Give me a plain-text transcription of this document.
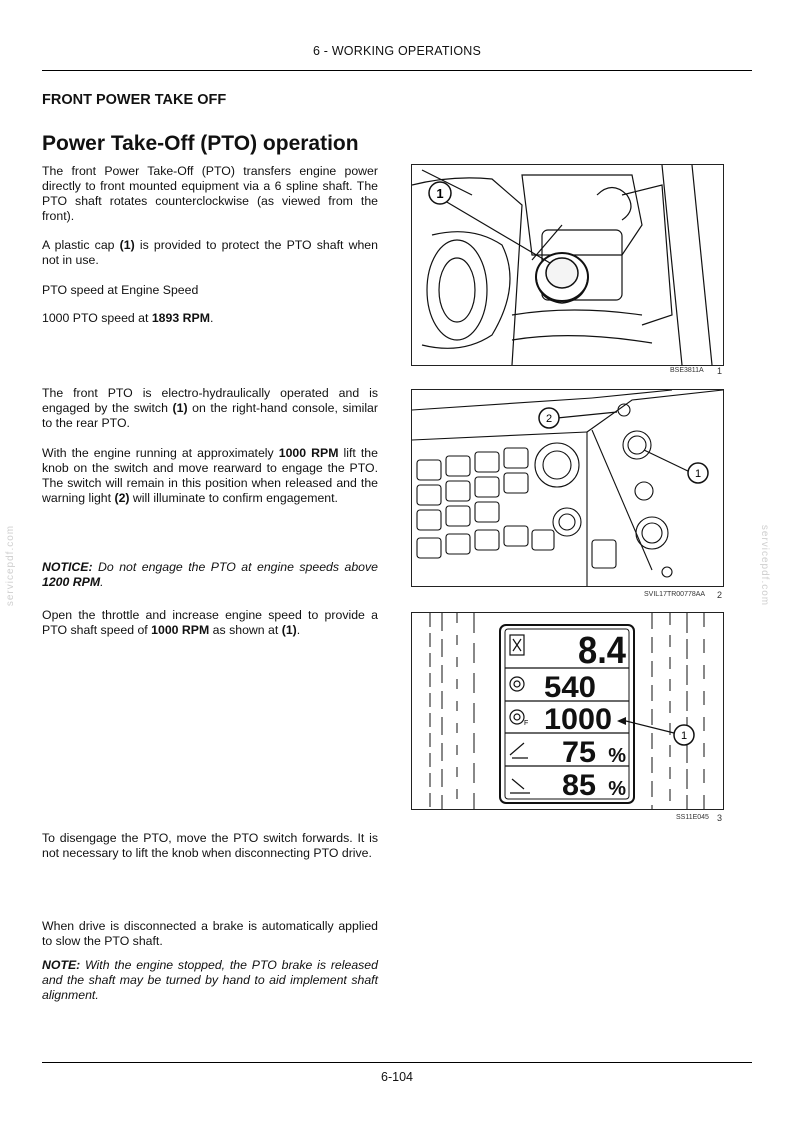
6 - WORKING OPERATIONS
FRONT POWER TAKE OFF
Power Take-Off (PTO) operation
The front Power Take-Off (PTO) transfers engine power directly to front mounted equipment via a 6 spline shaft. The PTO shaft rotates counterclockwise (as viewed from the front).
A plastic cap (1) is provided to protect the PTO shaft when not in use.
PTO speed at Engine Speed
1000 PTO speed at 1893 RPM.
The front PTO is electro-hydraulically operated and is engaged by the switch (1) on the right-hand console, similar to the rear PTO.
With the engine running at approximately 1000 RPM lift the knob on the switch and move rearward to engage the PTO. The switch will remain in this position when released and the warning light (2) will illuminate to confirm engagement.
NOTICE: Do not engage the PTO at engine speeds above 1200 RPM.
Open the throttle and increase engine speed to provide a PTO shaft speed of 1000 RPM as shown at (1).
To disengage the PTO, move the PTO switch forwards. It is not necessary to lift the knob when disconnecting PTO drive.
When drive is disconnected a brake is automatically applied to slow the PTO shaft.
NOTE: With the engine stopped, the PTO brake is released and the shaft may be turned by hand to aid implement shaft alignment.
1
BSE3811A 1
2
1
SVIL17TR00778AA 2
F
8.4
540
1000
75 %
85 %
1
SS11E045 3
servicepdf.com	servicepdf.com
6-104
